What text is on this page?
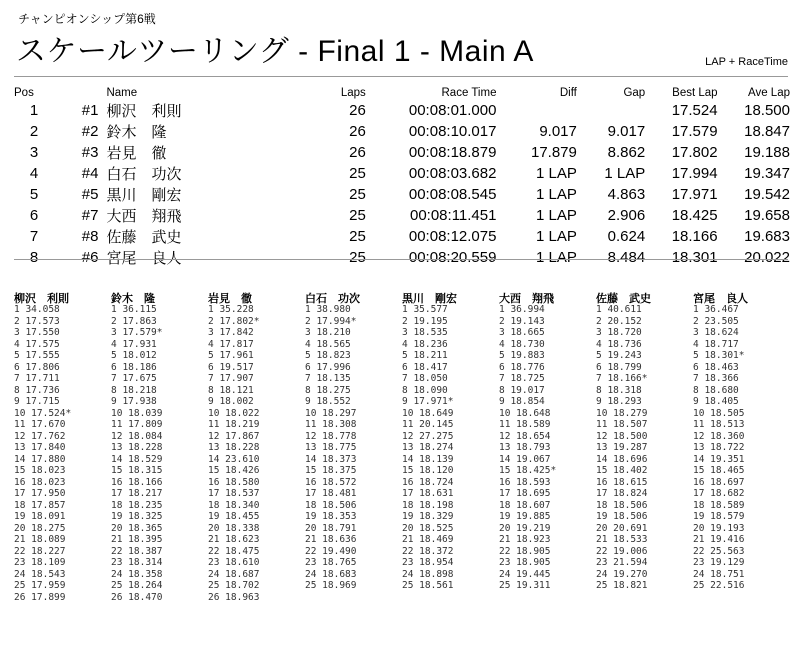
チャンピオンシップ第6戦
スケールツーリング - Final 1 - Main A	LAP + RaceTime
Pos		Name	Laps	Race Time	Diff	Gap	Best Lap	Ave Lap
1	#1	柳沢　利則	26	00:08:01.000			17.524	18.500
2	#2	鈴木　隆	26	00:08:10.017	9.017	9.017	17.579	18.847
3	#3	岩見　徹	26	00:08:18.879	17.879	8.862	17.802	19.188
4	#4	白石　功次	25	00:08:03.682	1 LAP	1 LAP	17.994	19.347
5	#5	黒川　剛宏	25	00:08:08.545	1 LAP	4.863	17.971	19.542
6	#7	大西　翔飛	25	00:08:11.451	1 LAP	2.906	18.425	19.658
7	#8	佐藤　武史	25	00:08:12.075	1 LAP	0.624	18.166	19.683
8	#6	宮尾　良人	25	00:08:20.559	1 LAP	8.484	18.301	20.022
柳沢　利則
1 34.058
2 17.573
3 17.550
4 17.575
5 17.555
6 17.806
7 17.711
8 17.736
9 17.715
10 17.524*
11 17.670
12 17.762
13 17.840
14 17.880
15 18.023
16 18.023
17 17.950
18 17.857
19 18.091
20 18.275
21 18.089
22 18.227
23 18.109
24 18.543
25 17.959
26 17.899
鈴木　隆
1 36.115
2 17.863
3 17.579*
4 17.931
5 18.012
6 18.186
7 17.675
8 18.218
9 17.938
10 18.039
11 17.809
12 18.084
13 18.228
14 18.529
15 18.315
16 18.166
17 18.217
18 18.235
19 18.325
20 18.365
21 18.395
22 18.387
23 18.314
24 18.358
25 18.264
26 18.470
岩見　徹
1 35.228
2 17.802*
3 17.842
4 17.817
5 17.961
6 19.517
7 17.907
8 18.121
9 18.002
10 18.022
11 18.219
12 17.867
13 18.228
14 23.610
15 18.426
16 18.580
17 18.537
18 18.340
19 18.455
20 18.338
21 18.623
22 18.475
23 18.610
24 18.687
25 18.702
26 18.963
白石　功次
1 38.980
2 17.994*
3 18.210
4 18.565
5 18.823
6 17.996
7 18.135
8 18.275
9 18.552
10 18.297
11 18.308
12 18.778
13 18.775
14 18.373
15 18.375
16 18.572
17 18.481
18 18.506
19 18.353
20 18.791
21 18.636
22 19.490
23 18.765
24 18.683
25 18.969
黒川　剛宏
1 35.577
2 19.195
3 18.535
4 18.236
5 18.211
6 18.417
7 18.050
8 18.090
9 17.971*
10 18.649
11 20.145
12 27.275
13 18.274
14 18.139
15 18.120
16 18.724
17 18.631
18 18.198
19 18.329
20 18.525
21 18.469
22 18.372
23 18.954
24 18.898
25 18.561
大西　翔飛
1 36.994
2 19.143
3 18.665
4 18.730
5 19.883
6 18.776
7 18.725
8 19.017
9 18.854
10 18.648
11 18.589
12 18.654
13 18.793
14 19.067
15 18.425*
16 18.593
17 18.695
18 18.607
19 19.885
20 19.219
21 18.923
22 18.905
23 18.905
24 19.445
25 19.311
佐藤　武史
1 40.611
2 20.152
3 18.720
4 18.736
5 19.243
6 18.799
7 18.166*
8 18.318
9 18.293
10 18.279
11 18.507
12 18.500
13 19.287
14 18.696
15 18.402
16 18.615
17 18.824
18 18.506
19 18.506
20 20.691
21 18.533
22 19.006
23 21.594
24 19.270
25 18.821
宮尾　良人
1 36.467
2 23.505
3 18.624
4 18.717
5 18.301*
6 18.463
7 18.366
8 18.680
9 18.405
10 18.505
11 18.513
12 18.360
13 18.722
14 19.351
15 18.465
16 18.697
17 18.682
18 18.589
19 18.579
20 19.193
21 19.416
22 25.563
23 19.129
24 18.751
25 22.516
